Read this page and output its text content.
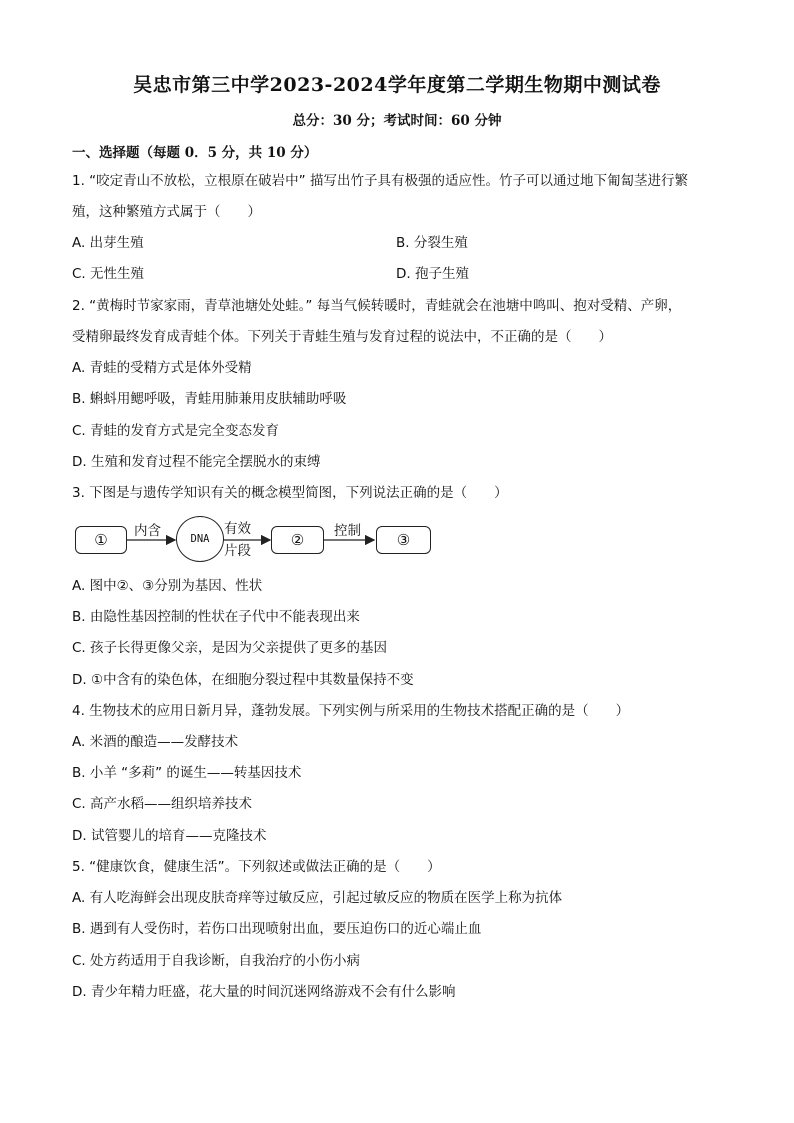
吴忠市第三中学2023-2024学年度第二学期生物期中测试卷
总分：30 分；考试时间：60 分钟
一、选择题（每题 0．5 分，共 10 分）
1. “咬定青山不放松，立根原在破岩中” 描写出竹子具有极强的适应性。竹子可以通过地下匍匐茎进行繁
殖，这种繁殖方式属于（　　）
A. 出芽生殖	B. 分裂生殖
C. 无性生殖	D. 孢子生殖
2. “黄梅时节家家雨，青草池塘处处蛙。” 每当气候转暖时，青蛙就会在池塘中鸣叫、抱对受精、产卵，
受精卵最终发育成青蛙个体。下列关于青蛙生殖与发育过程的说法中，不正确的是（　　）
A. 青蛙的受精方式是体外受精
B. 蝌蚪用鳃呼吸，青蛙用肺兼用皮肤辅助呼吸
C. 青蛙的发育方式是完全变态发育
D. 生殖和发育过程不能完全摆脱水的束缚
3. 下图是与遗传学知识有关的概念模型简图，下列说法正确的是（　　）
①	内含	DNA
有效
片段
②	控制	③
A. 图中②、③分别为基因、性状
B. 由隐性基因控制的性状在子代中不能表现出来
C. 孩子长得更像父亲，是因为父亲提供了更多的基因
D. ①中含有的染色体，在细胞分裂过程中其数量保持不变
4. 生物技术的应用日新月异，蓬勃发展。下列实例与所采用的生物技术搭配正确的是（　　）
A. 米酒的酿造——发酵技术
B. 小羊 “多莉” 的诞生——转基因技术
C. 高产水稻——组织培养技术
D. 试管婴儿的培育——克隆技术
5. “健康饮食，健康生活”。下列叙述或做法正确的是（　　）
A. 有人吃海鲜会出现皮肤奇痒等过敏反应，引起过敏反应的物质在医学上称为抗体
B. 遇到有人受伤时，若伤口出现喷射出血，要压迫伤口的近心端止血
C. 处方药适用于自我诊断，自我治疗的小伤小病
D. 青少年精力旺盛，花大量的时间沉迷网络游戏不会有什么影响
